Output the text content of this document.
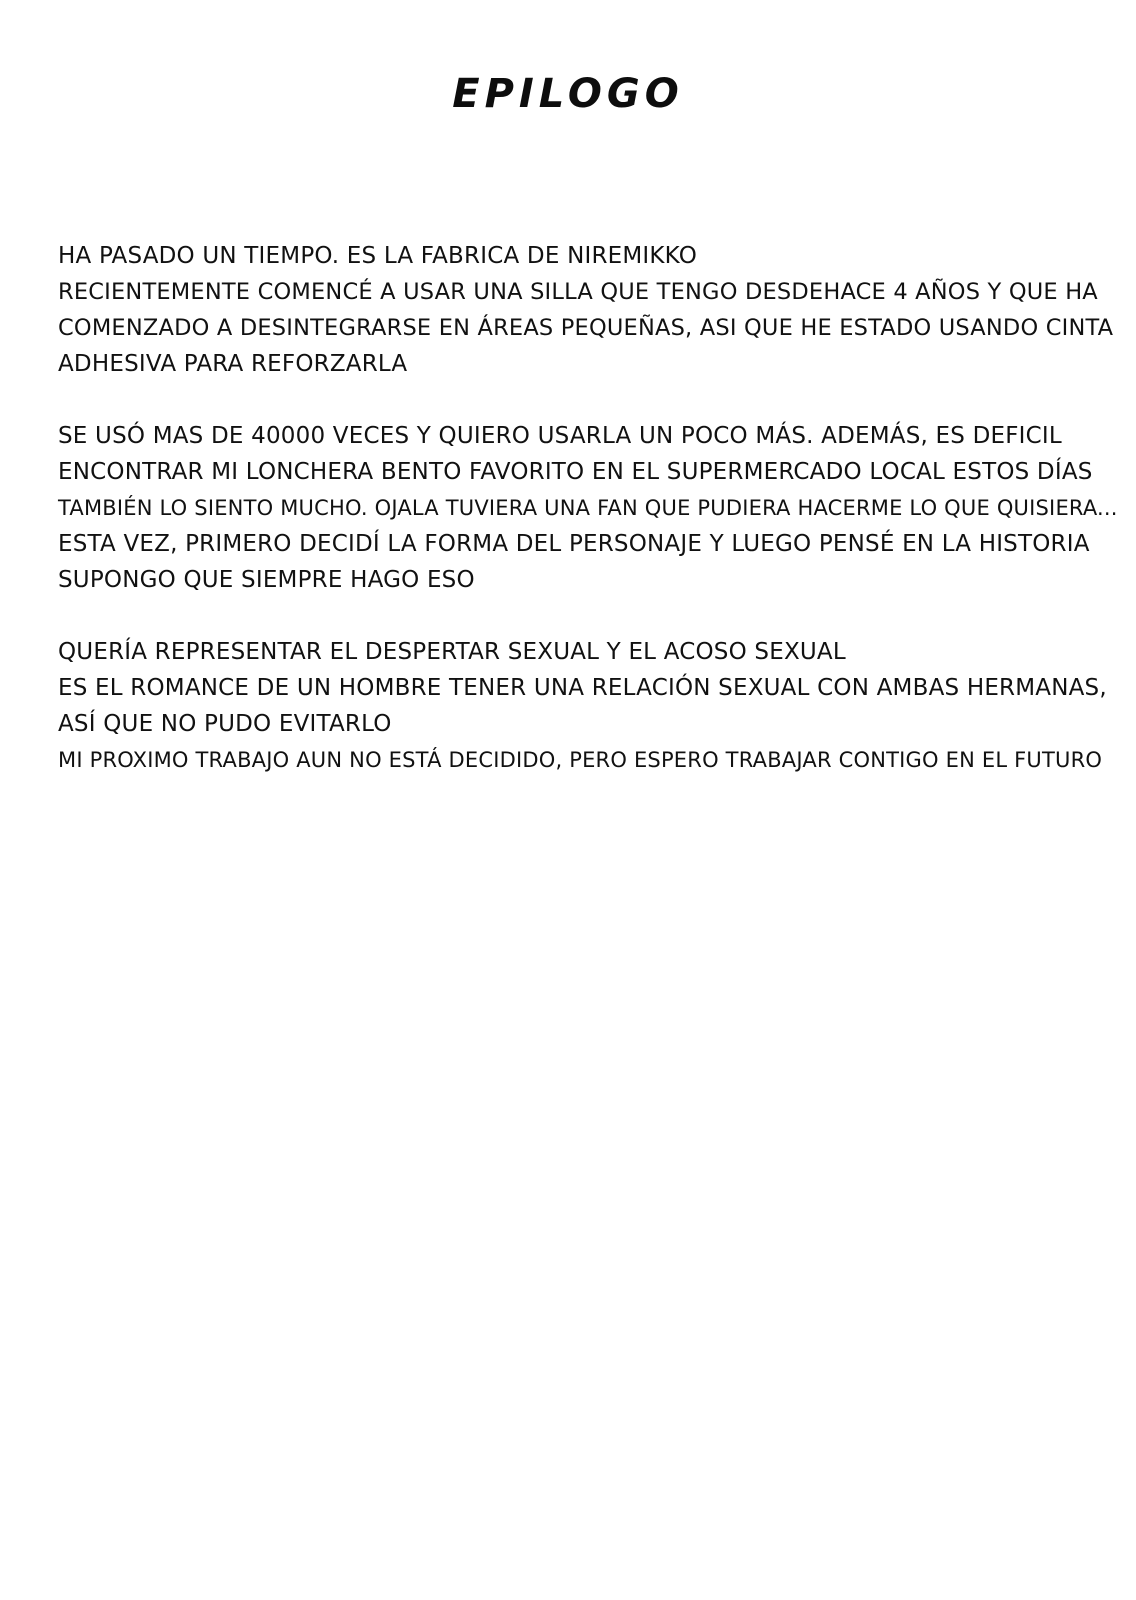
EPILOGO
HA PASADO UN TIEMPO. ES LA FABRICA DE NIREMIKKO
RECIENTEMENTE COMENCÉ A USAR UNA SILLA QUE TENGO DESDEHACE 4 AÑOS Y QUE HA
COMENZADO A DESINTEGRARSE EN ÁREAS PEQUEÑAS, ASI QUE HE ESTADO USANDO CINTA
ADHESIVA PARA REFORZARLA
SE USÓ MAS DE 40000 VECES Y QUIERO USARLA UN POCO MÁS. ADEMÁS, ES DEFICIL
ENCONTRAR MI LONCHERA BENTO FAVORITO EN EL SUPERMERCADO LOCAL ESTOS DÍAS
TAMBIÉN LO SIENTO MUCHO. OJALA TUVIERA UNA FAN QUE PUDIERA HACERME LO QUE QUISIERA...
ESTA VEZ, PRIMERO DECIDÍ LA FORMA DEL PERSONAJE Y LUEGO PENSÉ EN LA HISTORIA
SUPONGO QUE SIEMPRE HAGO ESO
QUERÍA REPRESENTAR EL DESPERTAR SEXUAL Y EL ACOSO SEXUAL
ES EL ROMANCE DE UN HOMBRE TENER UNA RELACIÓN SEXUAL CON AMBAS HERMANAS,
ASÍ QUE NO PUDO EVITARLO
MI PROXIMO TRABAJO AUN NO ESTÁ DECIDIDO, PERO ESPERO TRABAJAR CONTIGO EN EL FUTURO
